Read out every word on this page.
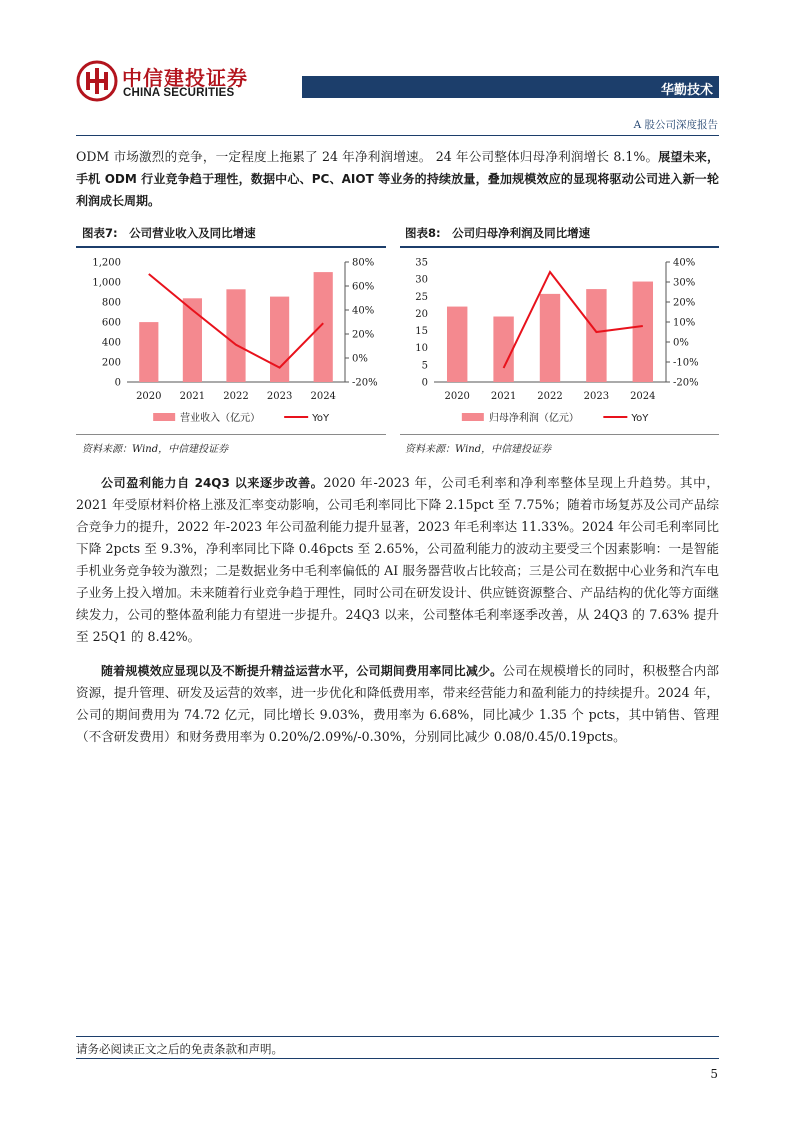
中信建投证券
CHINA SECURITIES	华勤技术
A 股公司深度报告
ODM 市场激烈的竞争，一定程度上拖累了 24 年净利润增速。 24 年公司整体归母净利润增长 8.1%。展望未来，手机 ODM 行业竞争趋于理性，数据中心、PC、AIOT 等业务的持续放量，叠加规模效应的显现将驱动公司进入新一轮利润成长周期。
图表7:　公司营业收入及同比增速
0
200
400
600
800
1,000
1,200
-20%
0%
20%
40%
60%
80%
2020 2021 2022 2023 2024
营业收入（亿元）	YoY
资料来源：Wind，中信建投证券
图表8:　公司归母净利润及同比增速
0
5
10
15
20
25
30
35
-20%
-10%
0%
10%
20%
30%
40%
2020 2021 2022 2023 2024
归母净利润（亿元）	YoY
资料来源：Wind，中信建投证券
公司盈利能力自 24Q3 以来逐步改善。2020 年-2023 年，公司毛利率和净利率整体呈现上升趋势。其中，2021 年受原材料价格上涨及汇率变动影响，公司毛利率同比下降 2.15pct 至 7.75%；随着市场复苏及公司产品综合竞争力的提升，2022 年-2023 年公司盈利能力提升显著，2023 年毛利率达 11.33%。2024 年公司毛利率同比下降 2pcts 至 9.3%，净利率同比下降 0.46pcts 至 2.65%，公司盈利能力的波动主要受三个因素影响：一是智能手机业务竞争较为激烈；二是数据业务中毛利率偏低的 AI 服务器营收占比较高；三是公司在数据中心业务和汽车电子业务上投入增加。未来随着行业竞争趋于理性，同时公司在研发设计、供应链资源整合、产品结构的优化等方面继续发力，公司的整体盈利能力有望进一步提升。24Q3 以来，公司整体毛利率逐季改善，从 24Q3 的 7.63% 提升至 25Q1 的 8.42%。
随着规模效应显现以及不断提升精益运营水平，公司期间费用率同比减少。公司在规模增长的同时，积极整合内部资源，提升管理、研发及运营的效率，进一步优化和降低费用率，带来经营能力和盈利能力的持续提升。2024 年，公司的期间费用为 74.72 亿元，同比增长 9.03%，费用率为 6.68%，同比减少 1.35 个 pcts，其中销售、管理（不含研发费用）和财务费用率为 0.20%/2.09%/-0.30%，分别同比减少 0.08/0.45/0.19pcts。
请务必阅读正文之后的免责条款和声明。
5
